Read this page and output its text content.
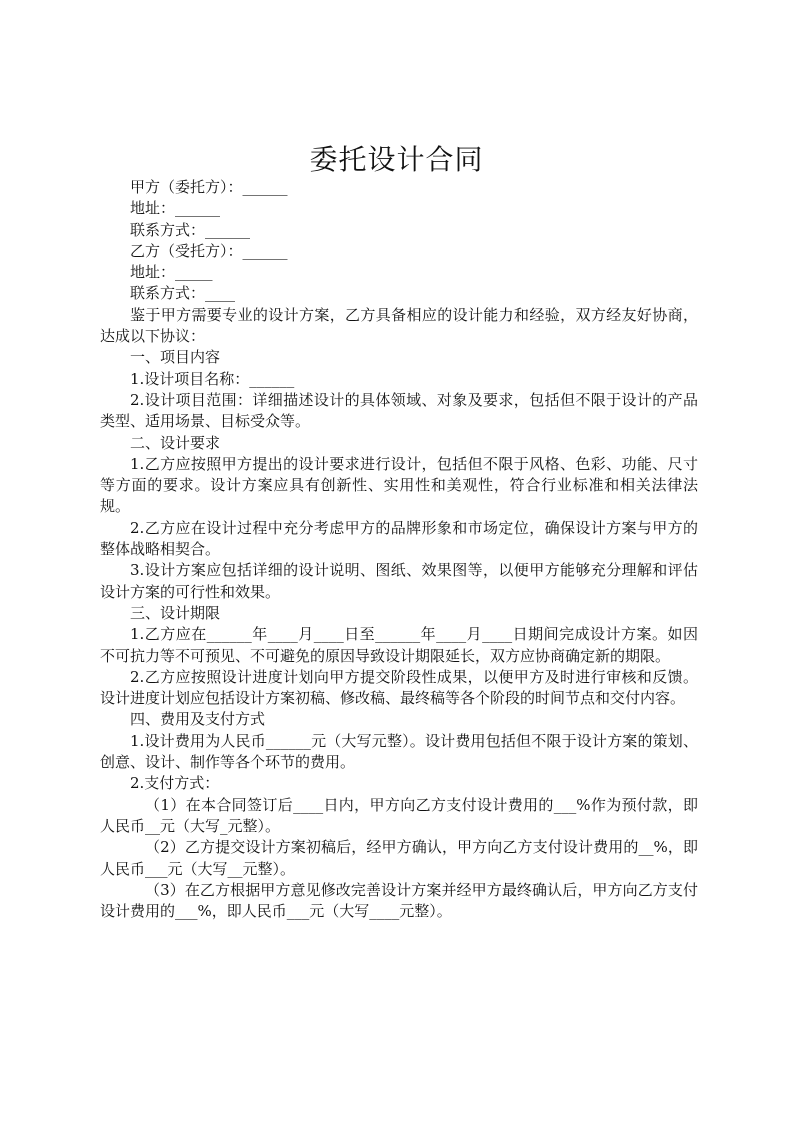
委托设计合同

甲方（委托方）：______

地址：______

联系方式：______

乙方（受托方）：______

地址：_____

联系方式：____

鉴于甲方需要专业的设计方案，乙方具备相应的设计能力和经验，双方经友好协商，达成以下协议：

一、项目内容

1.设计项目名称：______

2.设计项目范围：详细描述设计的具体领域、对象及要求，包括但不限于设计的产品类型、适用场景、目标受众等。

二、设计要求

1.乙方应按照甲方提出的设计要求进行设计，包括但不限于风格、色彩、功能、尺寸等方面的要求。设计方案应具有创新性、实用性和美观性，符合行业标准和相关法律法规。

2.乙方应在设计过程中充分考虑甲方的品牌形象和市场定位，确保设计方案与甲方的整体战略相契合。

3.设计方案应包括详细的设计说明、图纸、效果图等，以便甲方能够充分理解和评估设计方案的可行性和效果。

三、设计期限

1.乙方应在______年____月____日至______年____月____日期间完成设计方案。如因不可抗力等不可预见、不可避免的原因导致设计期限延长，双方应协商确定新的期限。

2.乙方应按照设计进度计划向甲方提交阶段性成果，以便甲方及时进行审核和反馈。设计进度计划应包括设计方案初稿、修改稿、最终稿等各个阶段的时间节点和交付内容。

四、费用及支付方式

1.设计费用为人民币______元（大写元整）。设计费用包括但不限于设计方案的策划、创意、设计、制作等各个环节的费用。

2.支付方式：

（1）在本合同签订后____日内，甲方向乙方支付设计费用的___%作为预付款，即人民币__元（大写_元整）。

（2）乙方提交设计方案初稿后，经甲方确认，甲方向乙方支付设计费用的__%，即人民币___元（大写__元整）。

（3）在乙方根据甲方意见修改完善设计方案并经甲方最终确认后，甲方向乙方支付设计费用的___%，即人民币___元（大写____元整）。
